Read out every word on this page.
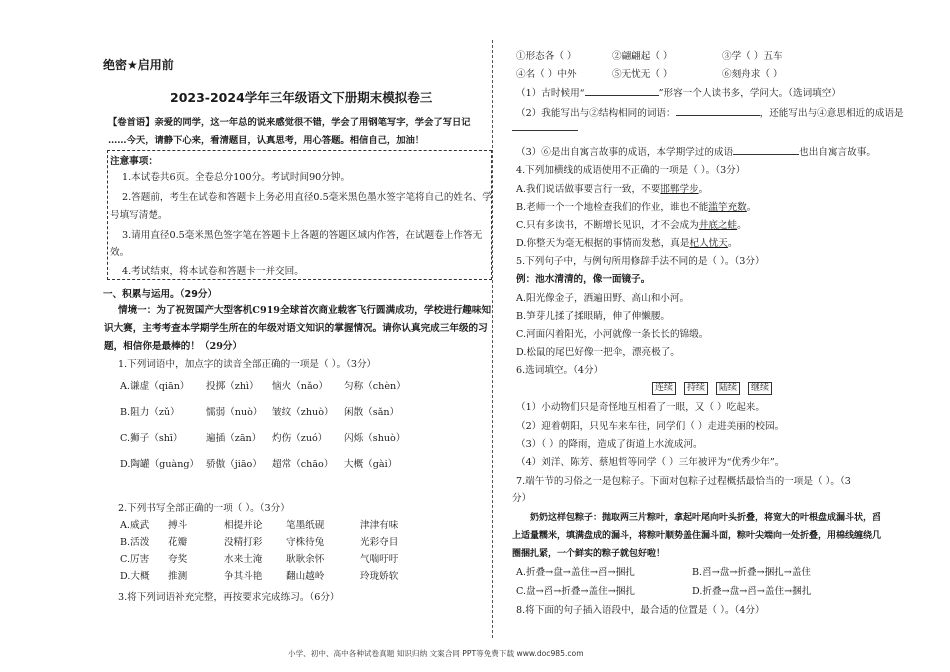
绝密★启用前
2023-2024学年三年级语文下册期末模拟卷三
【卷首语】亲爱的同学，这一年总的说来感觉很不错，学会了用钢笔写字，学会了写日记
……今天，请静下心来，看清题目，认真思考，用心答题。相信自己，加油！
注意事项：
1.本试卷共6页。全卷总分100分。考试时间90分钟。
2.答题前，考生在试卷和答题卡上务必用直径0.5毫米黑色墨水签字笔将自己的姓名、学
号填写清楚。
3.请用直径0.5毫米黑色签字笔在答题卡上各题的答题区域内作答，在试题卷上作答无
效。
4.考试结束，将本试卷和答题卡一并交回。
一、积累与运用。（29分）
情境一：为了祝贺国产大型客机C919全球首次商业载客飞行圆满成功，学校进行趣味知
识大赛，主考考查本学期学生所在的年级对语文知识的掌握情况。请你认真完成三年级的习
题，相信你是最棒的！（29分）
1.下列词语中，加点字的读音全部正确的一项是（ ）。（3分）
A.谦虚（qiān）	投掷（zhì）	恼火（nǎo）	匀称（chèn）
B.阻力（zǔ）	懦弱（nuò） 皱纹（zhuò）	闲散（sǎn）
C.狮子（shī）	遍插（zān）	灼伤（zuó）	闪烁（shuò）
D.陶罐（guàng） 骄傲（jiāo）	超常（chāo）	大概（gài）
2.下列书写全部正确的一项（ ）。（3分）
A.威武	搏斗	相提并论	笔墨纸砚	津津有味
B.活泼	花瓣	没精打彩	守株待兔	光彩夺目
C.厉害	夸奖	水来土淹	耿耿余怀	气喘吁吁
D.大概	推测	争其斗艳	翻山越岭	玲珑娇软
3.将下列词语补充完整，再按要求完成练习。（6分）
①形态各（ ）	②翩翩起（ ）	③学（ ）五车
④名（ ）中外	⑤无忧无（ ）	⑥刻舟求（ ）
（1）古时候用“	”形容一个人读书多，学问大。（选词填空）
（2）我能写出与②结构相同的词语：	，还能写出与④意思相近的成语是
（3）⑥是出自寓言故事的成语，本学期学过的成语	也出自寓言故事。
4.下列加横线的成语使用不正确的一项是（ ）。（3分）
A.我们说话做事要言行一致，不要邯郸学步。
B.老师一个一个地检查我们的作业，谁也不能滥竽充数。
C.只有多读书，不断增长见识，才不会成为井底之蛙。
D.你整天为毫无根据的事情而发愁，真是杞人忧天。
5.下列句子中，与例句所用修辞手法不同的是（ ）。（3分）
例：池水清清的，像一面镜子。
A.阳光像金子，洒遍田野、高山和小河。
B.笋芽儿揉了揉眼睛，伸了伸懒腰。
C.河面闪着阳光，小河就像一条长长的锦缎。
D.松鼠的尾巴好像一把伞，漂亮极了。
6.选词填空。（4分）
连续 持续 陆续 继续
（1）小动物们只是奇怪地互相看了一眼，又（ ）吃起来。
（2）迎着朝阳，只见车来车往，同学们（ ）走进美丽的校园。
（3）（ ）的降雨，造成了街道上水流成河。
（4）刘洋、陈芳、蔡旭哲等同学（ ）三年被评为“优秀少年”。
7.端午节的习俗之一是包粽子。下面对包粽子过程概括最恰当的一项是（ ）。（3
分）
奶奶这样包粽子：抛取两三片粽叶，拿起叶尾向叶头折叠，将宽大的叶根盘成漏斗状，舀
上适量糯米，填满盘成的漏斗，将粽叶顺势盖住漏斗面，粽叶尖端向一处折叠，用棉线缠绕几
圈捆扎紧，一个鲜实的粽子就包好啦！
A.折叠→盘→盖住→舀→捆扎	B.舀→盘→折叠→捆扎→盖住
C.盘→舀→折叠→盖住→捆扎	D.折叠→盘→舀→盖住→捆扎
8.将下面的句子插入语段中，最合适的位置是（ ）。（4分）
小学、初中、高中各种试卷真题 知识归纳 文案合同 PPT等免费下载 www.doc985.com
